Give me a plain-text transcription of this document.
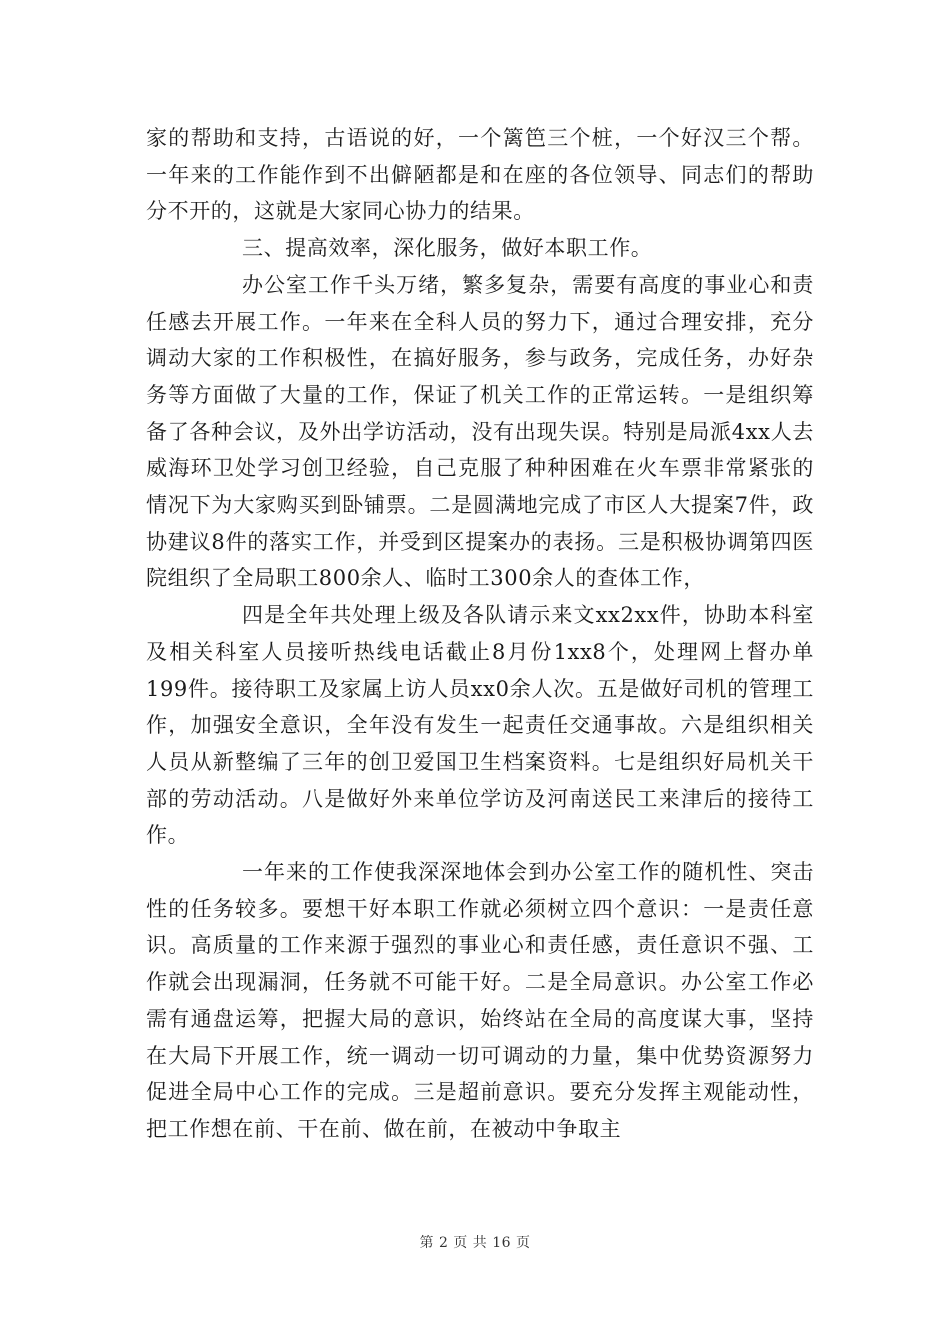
家的帮助和支持，古语说的好，一个篱笆三个桩，一个好汉三个帮。一年来的工作能作到不出僻陋都是和在座的各位领导、同志们的帮助分不开的，这就是大家同心协力的结果。

三、提高效率，深化服务，做好本职工作。

办公室工作千头万绪，繁多复杂，需要有高度的事业心和责任感去开展工作。一年来在全科人员的努力下，通过合理安排，充分调动大家的工作积极性，在搞好服务，参与政务，完成任务，办好杂务等方面做了大量的工作，保证了机关工作的正常运转。一是组织筹备了各种会议，及外出学访活动，没有出现失误。特别是局派4xx人去威海环卫处学习创卫经验，自己克服了种种困难在火车票非常紧张的情况下为大家购买到卧铺票。二是圆满地完成了市区人大提案7件，政协建议8件的落实工作，并受到区提案办的表扬。三是积极协调第四医院组织了全局职工800余人、临时工300余人的查体工作，

四是全年共处理上级及各队请示来文xx2xx件，协助本科室及相关科室人员接听热线电话截止8月份1xx8个，处理网上督办单199件。接待职工及家属上访人员xx0余人次。五是做好司机的管理工作，加强安全意识，全年没有发生一起责任交通事故。六是组织相关人员从新整编了三年的创卫爱国卫生档案资料。七是组织好局机关干部的劳动活动。八是做好外来单位学访及河南送民工来津后的接待工作。

一年来的工作使我深深地体会到办公室工作的随机性、突击性的任务较多。要想干好本职工作就必须树立四个意识：一是责任意识。高质量的工作来源于强烈的事业心和责任感，责任意识不强、工作就会出现漏洞，任务就不可能干好。二是全局意识。办公室工作必需有通盘运筹，把握大局的意识，始终站在全局的高度谋大事，坚持在大局下开展工作，统一调动一切可调动的力量，集中优势资源努力促进全局中心工作的完成。三是超前意识。要充分发挥主观能动性，把工作想在前、干在前、做在前，在被动中争取主

第 2 页 共 16 页
